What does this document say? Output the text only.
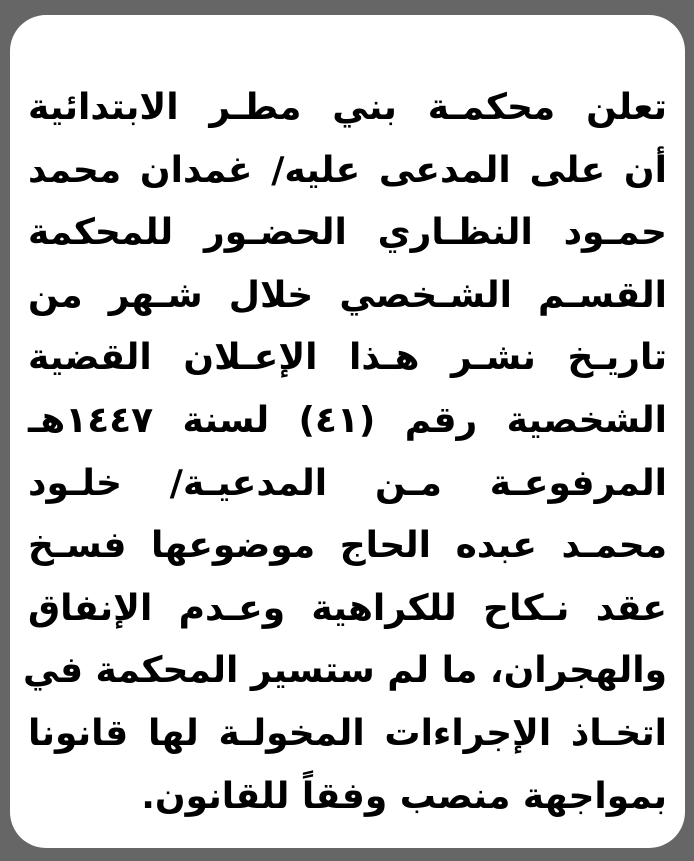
تعلن محكمـة بني مطـر الابتدائية
أن على المدعى عليه/ غمدان محمد
حمـود النظـاري الحضـور للمحكمة
القسـم الشـخصي خلال شـهر من
تاريـخ نشـر هـذا الإعـلان القضية
الشخصية رقم (٤١) لسنة ١٤٤٧هـ
المرفوعـة مـن المدعيـة/ خلـود
محمـد عبده الحاج موضوعها فسـخ
عقد نـكاح للكراهية وعـدم الإنفاق
والهجران، ما لم ستسير المحكمة في
اتخـاذ الإجراءات المخولـة لها قانونا
بمواجهة منصب وفقاً للقانون.
